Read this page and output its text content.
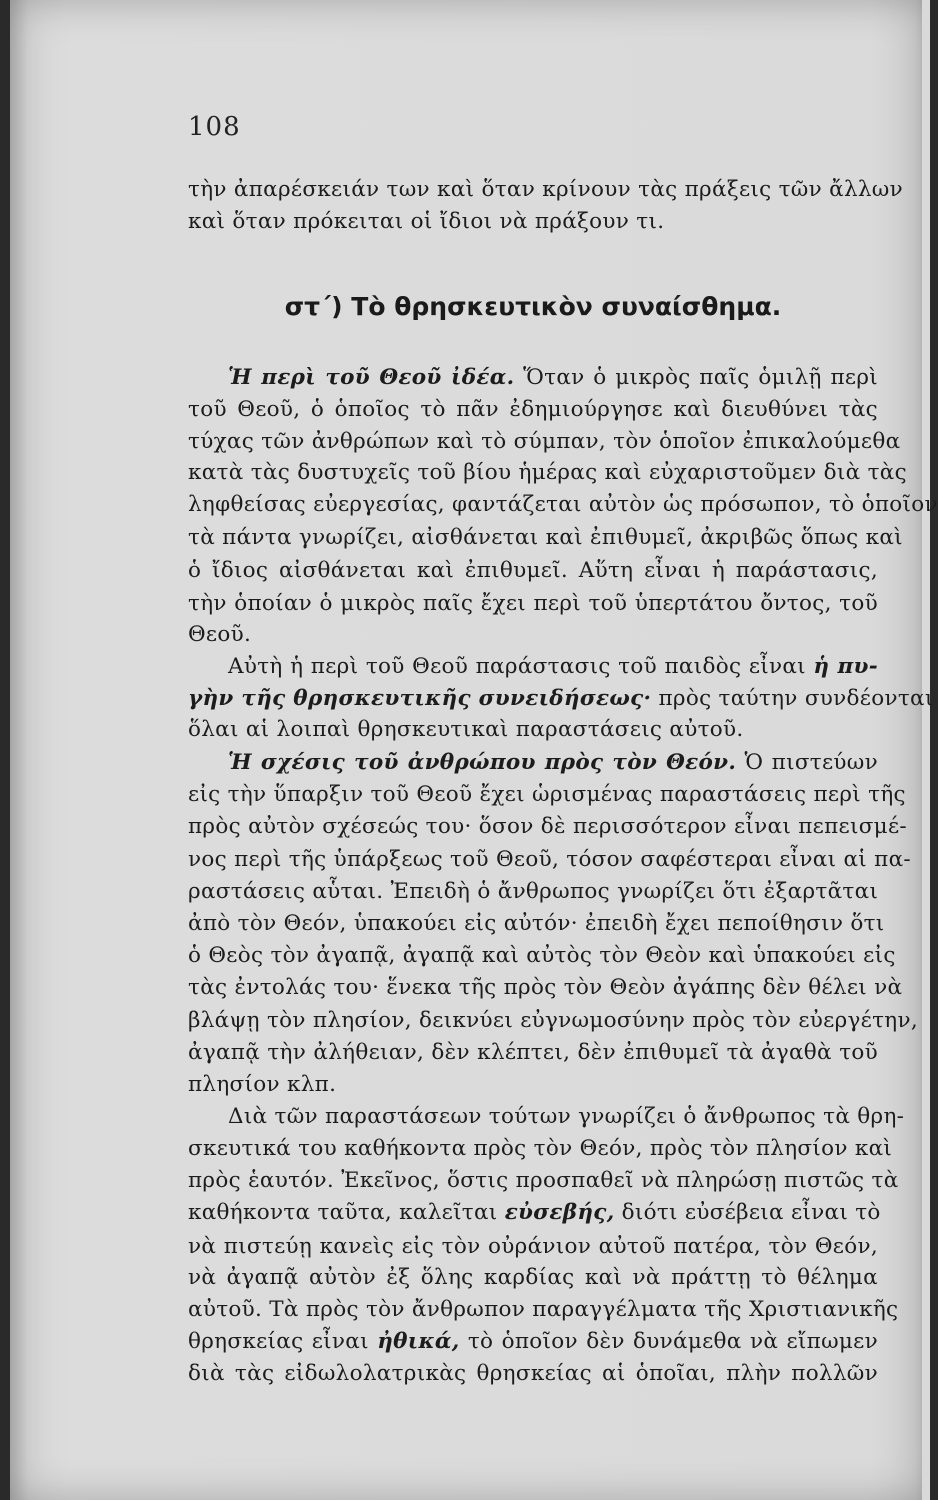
108
στ΄) Τὸ θρησκευτικὸν συναίσθημα.
τὴν ἀπαρέσκειάν των καὶ ὅταν κρίνουν τὰς πράξεις τῶν ἄλλων
καὶ ὅταν πρόκειται οἱ ἴδιοι νὰ πράξουν τι.
Ἡ περὶ τοῦ Θεοῦ ἰδέα. Ὅταν ὁ μικρὸς παῖς ὁμιλῇ περὶ
τοῦ Θεοῦ, ὁ ὁποῖος τὸ πᾶν ἐδημιούργησε καὶ διευθύνει τὰς
τύχας τῶν ἀνθρώπων καὶ τὸ σύμπαν, τὸν ὁποῖον ἐπικαλούμεθα
κατὰ τὰς δυστυχεῖς τοῦ βίου ἡμέρας καὶ εὐχαριστοῦμεν διὰ τὰς
ληφθείσας εὐεργεσίας, φαντάζεται αὐτὸν ὡς πρόσωπον, τὸ ὁποῖον
τὰ πάντα γνωρίζει, αἰσθάνεται καὶ ἐπιθυμεῖ, ἀκριβῶς ὅπως καὶ
ὁ ἴδιος αἰσθάνεται καὶ ἐπιθυμεῖ. Αὕτη εἶναι ἡ παράστασις,
τὴν ὁποίαν ὁ μικρὸς παῖς ἔχει περὶ τοῦ ὑπερτάτου ὄντος, τοῦ
Θεοῦ.
Αὐτὴ ἡ περὶ τοῦ Θεοῦ παράστασις τοῦ παιδὸς εἶναι ἡ πυ-
γὴν τῆς θρησκευτικῆς συνειδήσεως· πρὸς ταύτην συνδέονται
ὅλαι αἱ λοιπαὶ θρησκευτικαὶ παραστάσεις αὐτοῦ.
Ἡ σχέσις τοῦ ἀνθρώπου πρὸς τὸν Θεόν. Ὁ πιστεύων
εἰς τὴν ὕπαρξιν τοῦ Θεοῦ ἔχει ὡρισμένας παραστάσεις περὶ τῆς
πρὸς αὐτὸν σχέσεώς του· ὅσον δὲ περισσότερον εἶναι πεπεισμέ-
νος περὶ τῆς ὑπάρξεως τοῦ Θεοῦ, τόσον σαφέστεραι εἶναι αἱ πα-
ραστάσεις αὗται. Ἐπειδὴ ὁ ἄνθρωπος γνωρίζει ὅτι ἐξαρτᾶται
ἀπὸ τὸν Θεόν, ὑπακούει εἰς αὐτόν· ἐπειδὴ ἔχει πεποίθησιν ὅτι
ὁ Θεὸς τὸν ἀγαπᾷ, ἀγαπᾷ καὶ αὐτὸς τὸν Θεὸν καὶ ὑπακούει εἰς
τὰς ἐντολάς του· ἕνεκα τῆς πρὸς τὸν Θεὸν ἀγάπης δὲν θέλει νὰ
βλάψῃ τὸν πλησίον, δεικνύει εὐγνωμοσύνην πρὸς τὸν εὐεργέτην,
ἀγαπᾷ τὴν ἀλήθειαν, δὲν κλέπτει, δὲν ἐπιθυμεῖ τὰ ἀγαθὰ τοῦ
πλησίον κλπ.
Διὰ τῶν παραστάσεων τούτων γνωρίζει ὁ ἄνθρωπος τὰ θρη-
σκευτικά του καθήκοντα πρὸς τὸν Θεόν, πρὸς τὸν πλησίον καὶ
πρὸς ἑαυτόν. Ἐκεῖνος, ὅστις προσπαθεῖ νὰ πληρώσῃ πιστῶς τὰ
καθήκοντα ταῦτα, καλεῖται εὐσεβής, διότι εὐσέβεια εἶναι τὸ
νὰ πιστεύῃ κανεὶς εἰς τὸν οὐράνιον αὐτοῦ πατέρα, τὸν Θεόν,
νὰ ἀγαπᾷ αὐτὸν ἐξ ὅλης καρδίας καὶ νὰ πράττῃ τὸ θέλημα
αὐτοῦ. Τὰ πρὸς τὸν ἄνθρωπον παραγγέλματα τῆς Χριστιανικῆς
θρησκείας εἶναι ἠθικά, τὸ ὁποῖον δὲν δυνάμεθα νὰ εἴπωμεν
διὰ τὰς εἰδωλολατρικὰς θρησκείας αἱ ὁποῖαι, πλὴν πολλῶν
